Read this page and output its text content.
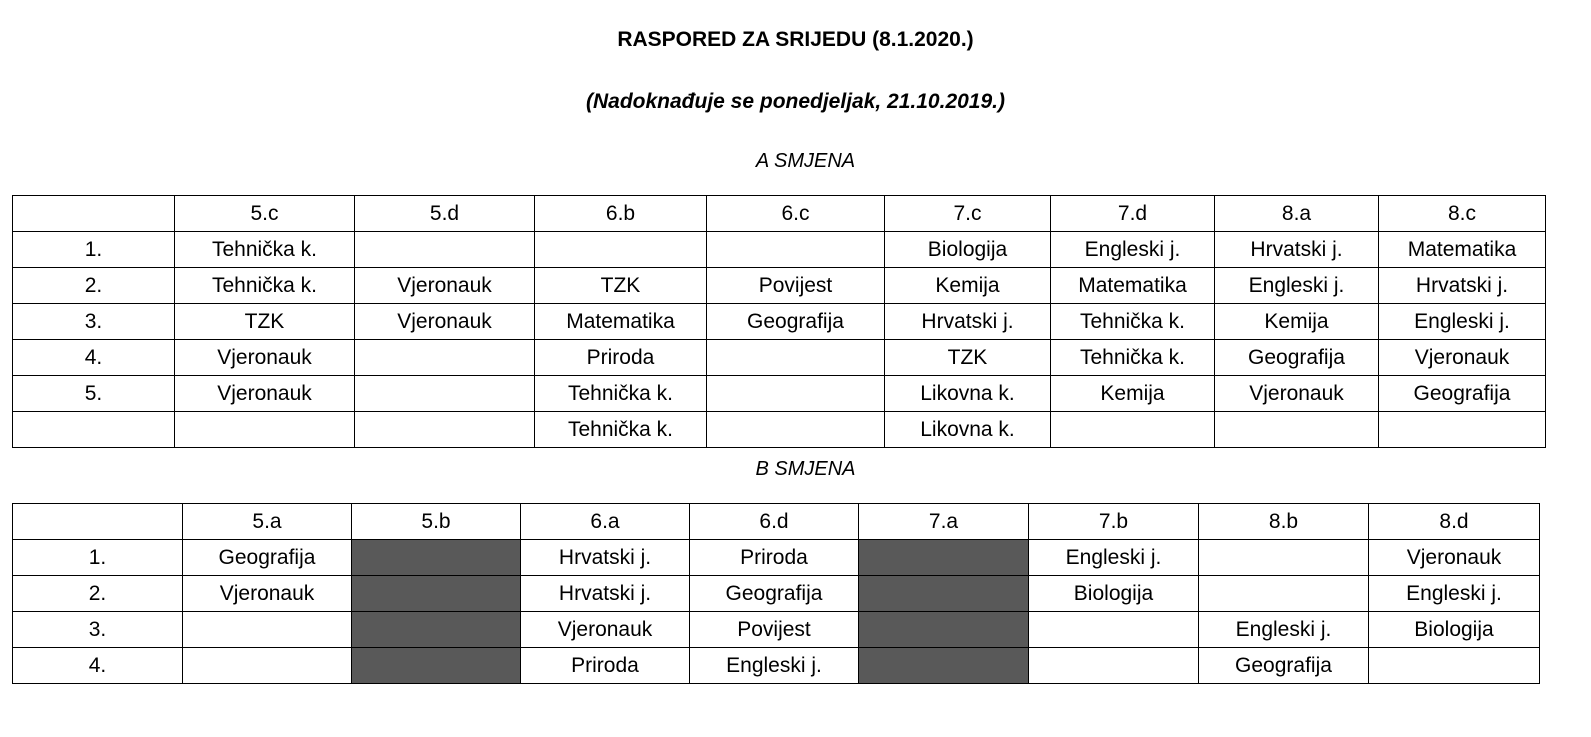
RASPORED ZA SRIJEDU (8.1.2020.)
(Nadoknađuje se ponedjeljak, 21.10.2019.)
A SMJENA
	5.c	5.d	6.b	6.c	7.c	7.d	8.a	8.c
1.	Tehnička k.				Biologija	Engleski j.	Hrvatski j.	Matematika
2.	Tehnička k.	Vjeronauk	TZK	Povijest	Kemija	Matematika	Engleski j.	Hrvatski j.
3.	TZK	Vjeronauk	Matematika	Geografija	Hrvatski j.	Tehnička k.	Kemija	Engleski j.
4.	Vjeronauk		Priroda		TZK	Tehnička k.	Geografija	Vjeronauk
5.	Vjeronauk		Tehnička k.		Likovna k.	Kemija	Vjeronauk	Geografija
			Tehnička k.		Likovna k.			
B SMJENA
	5.a	5.b	6.a	6.d	7.a	7.b	8.b	8.d
1.	Geografija		Hrvatski j.	Priroda		Engleski j.		Vjeronauk
2.	Vjeronauk		Hrvatski j.	Geografija		Biologija		Engleski j.
3.			Vjeronauk	Povijest			Engleski j.	Biologija
4.			Priroda	Engleski j.			Geografija	
